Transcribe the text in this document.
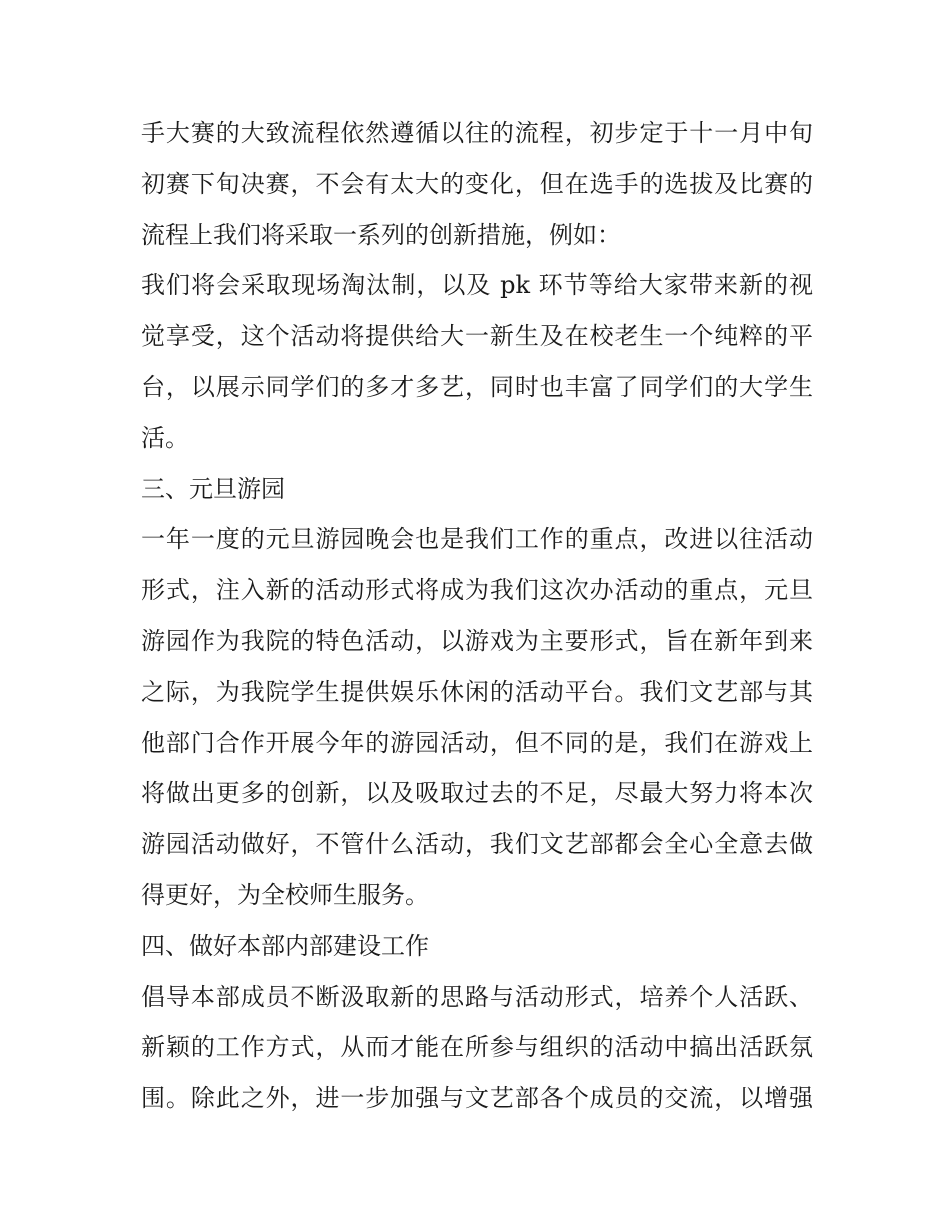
手大赛的大致流程依然遵循以往的流程，初步定于十一月中旬
初赛下旬决赛，不会有太大的变化，但在选手的选拔及比赛的
流程上我们将采取一系列的创新措施，例如：
我们将会采取现场淘汰制，以及 pk 环节等给大家带来新的视
觉享受，这个活动将提供给大一新生及在校老生一个纯粹的平
台，以展示同学们的多才多艺，同时也丰富了同学们的大学生
活。
三、元旦游园
一年一度的元旦游园晚会也是我们工作的重点，改进以往活动
形式，注入新的活动形式将成为我们这次办活动的重点，元旦
游园作为我院的特色活动，以游戏为主要形式，旨在新年到来
之际，为我院学生提供娱乐休闲的活动平台。我们文艺部与其
他部门合作开展今年的游园活动，但不同的是，我们在游戏上
将做出更多的创新，以及吸取过去的不足，尽最大努力将本次
游园活动做好，不管什么活动，我们文艺部都会全心全意去做
得更好，为全校师生服务。
四、做好本部内部建设工作
倡导本部成员不断汲取新的思路与活动形式，培养个人活跃、
新颖的工作方式，从而才能在所参与组织的活动中搞出活跃氛
围。除此之外，进一步加强与文艺部各个成员的交流，以增强
